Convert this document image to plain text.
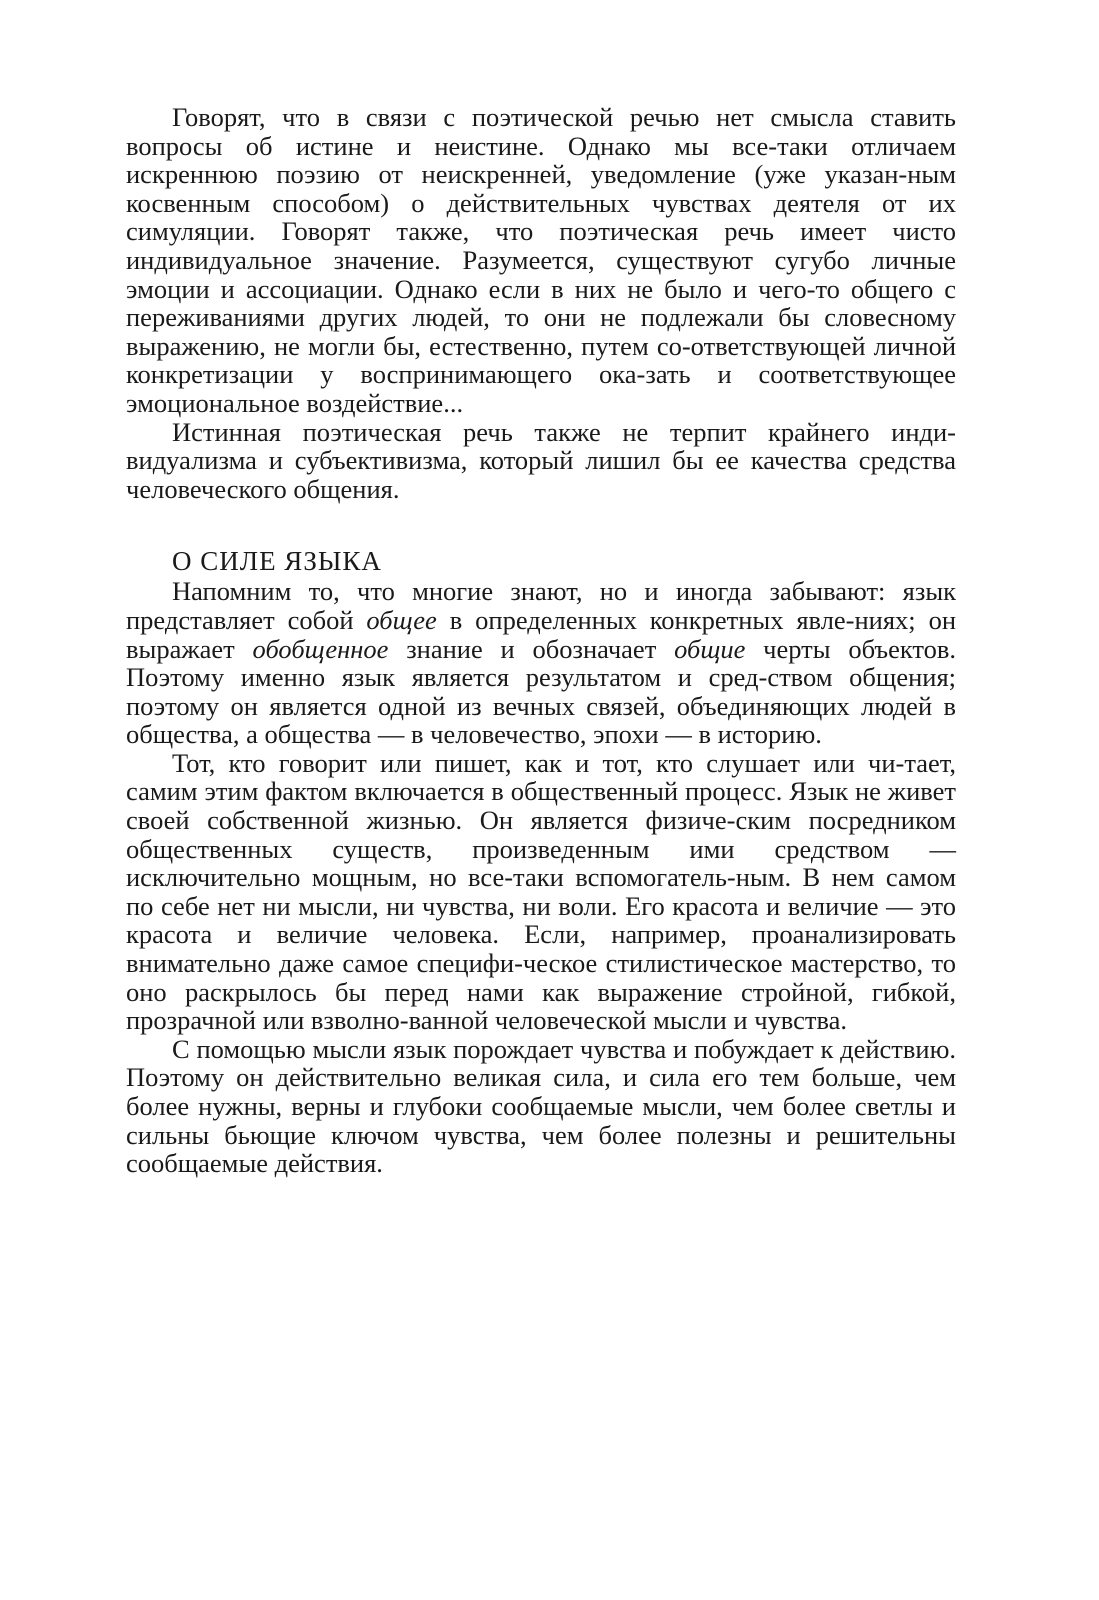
Говорят, что в связи с поэтической речью нет смысла ставить вопросы об истине и неистине. Однако мы все-таки отличаем искреннюю поэзию от неискренней, уведомление (уже указан-ным косвенным способом) о действительных чувствах деятеля от их симуляции. Говорят также, что поэтическая речь имеет чисто индивидуальное значение. Разумеется, существуют сугубо личные эмоции и ассоциации. Однако если в них не было и чего-то общего с переживаниями других людей, то они не подлежали бы словесному выражению, не могли бы, естественно, путем со-ответствующей личной конкретизации у воспринимающего ока-зать и соответствующее эмоциональное воздействие...

Истинная поэтическая речь также не терпит крайнего инди-видуализма и субъективизма, который лишил бы ее качества средства человеческого общения.

О СИЛЕ ЯЗЫКА

Напомним то, что многие знают, но и иногда забывают: язык представляет собой общее в определенных конкретных явле-ниях; он выражает обобщенное знание и обозначает общие черты объектов. Поэтому именно язык является результатом и сред-ством общения; поэтому он является одной из вечных связей, объединяющих людей в общества, а общества — в человечество, эпохи — в историю.

Тот, кто говорит или пишет, как и тот, кто слушает или чи-тает, самим этим фактом включается в общественный процесс. Язык не живет своей собственной жизнью. Он является физиче-ским посредником общественных существ, произведенным ими средством — исключительно мощным, но все-таки вспомогатель-ным. В нем самом по себе нет ни мысли, ни чувства, ни воли. Его красота и величие — это красота и величие человека. Если, например, проанализировать внимательно даже самое специфи-ческое стилистическое мастерство, то оно раскрылось бы перед нами как выражение стройной, гибкой, прозрачной или взволно-ванной человеческой мысли и чувства.

С помощью мысли язык порождает чувства и побуждает к действию. Поэтому он действительно великая сила, и сила его тем больше, чем более нужны, верны и глубоки сообщаемые мысли, чем более светлы и сильны бьющие ключом чувства, чем более полезны и решительны сообщаемые действия.
